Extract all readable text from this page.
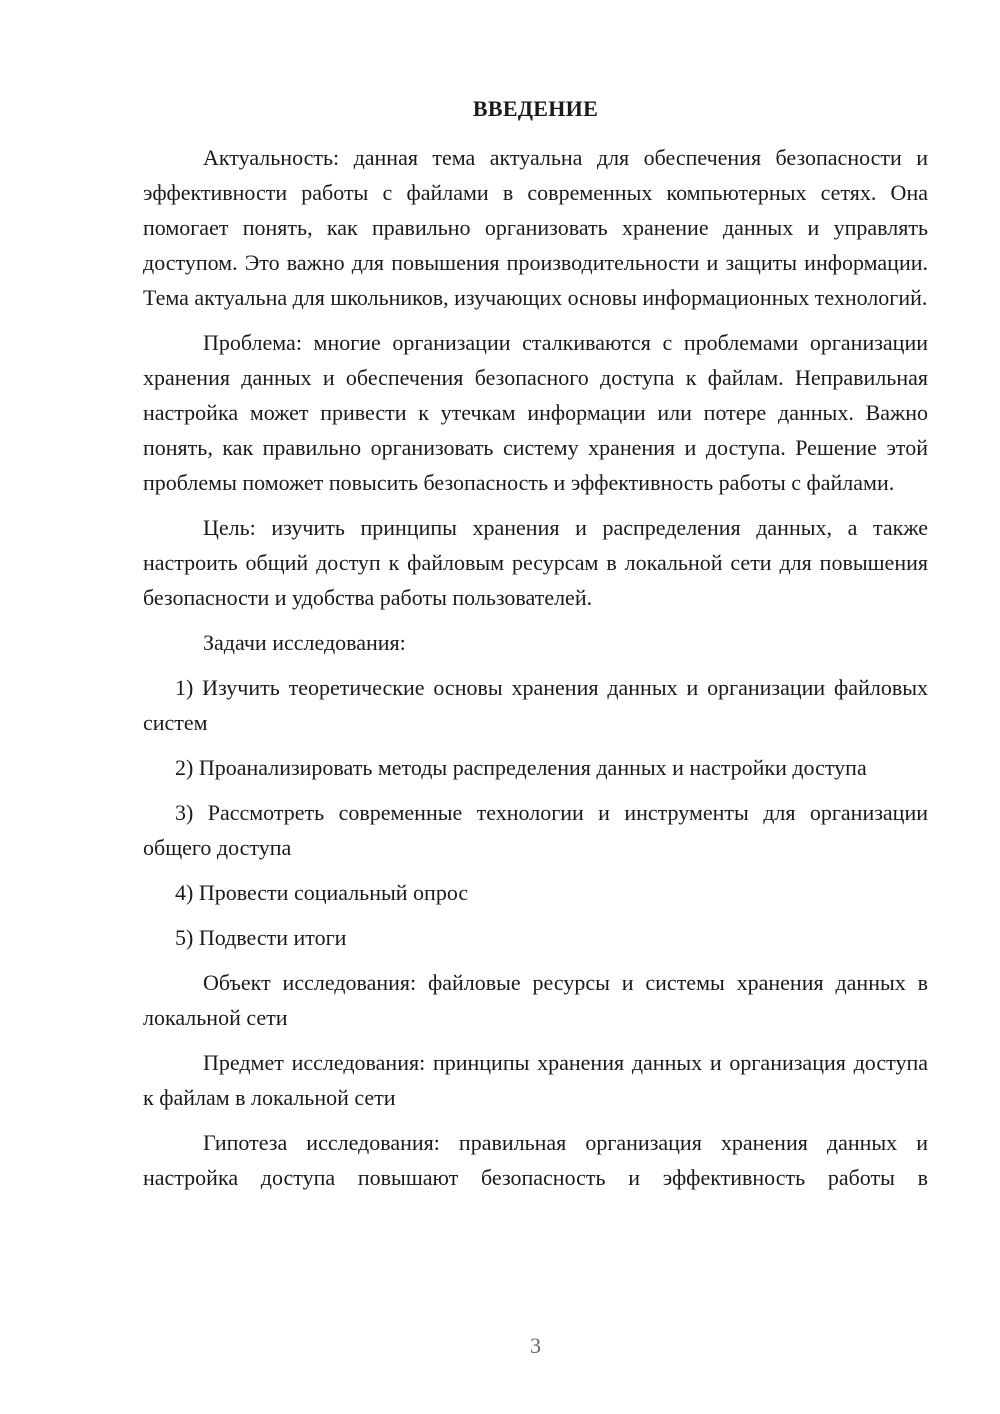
ВВЕДЕНИЕ

Актуальность: данная тема актуальна для обеспечения безопасности и эффективности работы с файлами в современных компьютерных сетях. Она помогает понять, как правильно организовать хранение данных и управлять доступом. Это важно для повышения производительности и защиты информации. Тема актуальна для школьников, изучающих основы информационных технологий.

Проблема: многие организации сталкиваются с проблемами организации хранения данных и обеспечения безопасного доступа к файлам. Неправильная настройка может привести к утечкам информации или потере данных. Важно понять, как правильно организовать систему хранения и доступа. Решение этой проблемы поможет повысить безопасность и эффективность работы с файлами.

Цель: изучить принципы хранения и распределения данных, а также настроить общий доступ к файловым ресурсам в локальной сети для повышения безопасности и удобства работы пользователей.

Задачи исследования:

1) Изучить теоретические основы хранения данных и организации файловых систем

2) Проанализировать методы распределения данных и настройки доступа

3) Рассмотреть современные технологии и инструменты для организации общего доступа

4) Провести социальный опрос

5) Подвести итоги

Объект исследования: файловые ресурсы и системы хранения данных в локальной сети

Предмет исследования: принципы хранения данных и организация доступа к файлам в локальной сети

Гипотеза исследования: правильная организация хранения данных и настройка доступа повышают безопасность и эффективность работы в

3
